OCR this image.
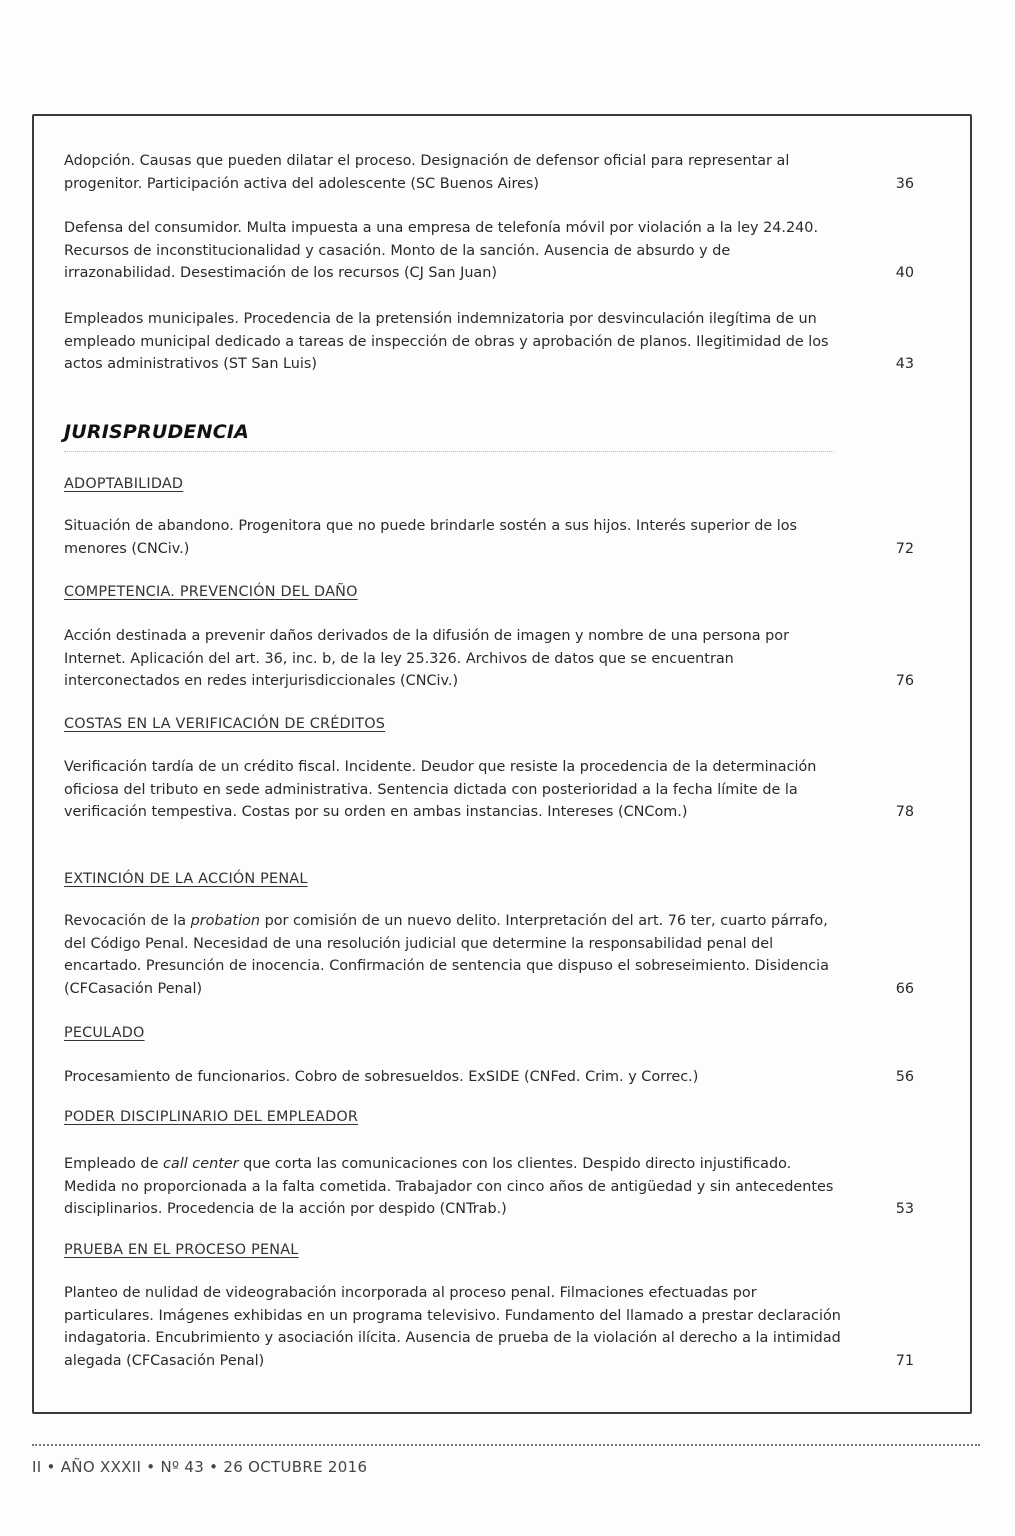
Adopción. Causas que pueden dilatar el proceso. Designación de defensor oficial para representar al progenitor. Participación activa del adolescente (SC Buenos Aires)	36
Defensa del consumidor. Multa impuesta a una empresa de telefonía móvil por violación a la ley 24.240. Recursos de inconstitucionalidad y casación. Monto de la sanción. Ausencia de absurdo y de irrazonabilidad. Desestimación de los recursos (CJ San Juan)	40
Empleados municipales. Procedencia de la pretensión indemnizatoria por desvinculación ilegítima de un empleado municipal dedicado a tareas de inspección de obras y aprobación de planos. Ilegitimidad de los actos administrativos (ST San Luis)	43
JURISPRUDENCIA
ADOPTABILIDAD
Situación de abandono. Progenitora que no puede brindarle sostén a sus hijos. Interés superior de los menores (CNCiv.)	72
COMPETENCIA. PREVENCIÓN DEL DAÑO
Acción destinada a prevenir daños derivados de la difusión de imagen y nombre de una persona por Internet. Aplicación del art. 36, inc. b, de la ley 25.326. Archivos de datos que se encuentran interconectados en redes interjurisdiccionales (CNCiv.)	76
COSTAS EN LA VERIFICACIÓN DE CRÉDITOS
Verificación tardía de un crédito fiscal. Incidente. Deudor que resiste la procedencia de la determinación oficiosa del tributo en sede administrativa. Sentencia dictada con posterioridad a la fecha límite de la verificación tempestiva. Costas por su orden en ambas instancias. Intereses (CNCom.)	78
EXTINCIÓN DE LA ACCIÓN PENAL
Revocación de la probation por comisión de un nuevo delito. Interpretación del art. 76 ter, cuarto párrafo, del Código Penal. Necesidad de una resolución judicial que determine la responsabilidad penal del encartado. Presunción de inocencia. Confirmación de sentencia que dispuso el sobreseimiento. Disidencia (CFCasación Penal)	66
PECULADO
Procesamiento de funcionarios. Cobro de sobresueldos. ExSIDE (CNFed. Crim. y Correc.)	56
PODER DISCIPLINARIO DEL EMPLEADOR
Empleado de call center que corta las comunicaciones con los clientes. Despido directo injustificado. Medida no proporcionada a la falta cometida. Trabajador con cinco años de antigüedad y sin antecedentes disciplinarios. Procedencia de la acción por despido (CNTrab.)	53
PRUEBA EN EL PROCESO PENAL
Planteo de nulidad de videograbación incorporada al proceso penal. Filmaciones efectuadas por particulares. Imágenes exhibidas en un programa televisivo. Fundamento del llamado a prestar declaración indagatoria. Encubrimiento y asociación ilícita. Ausencia de prueba de la violación al derecho a la intimidad alegada (CFCasación Penal)	71
II • AÑO XXXII • Nº 43 • 26 OCTUBRE 2016
